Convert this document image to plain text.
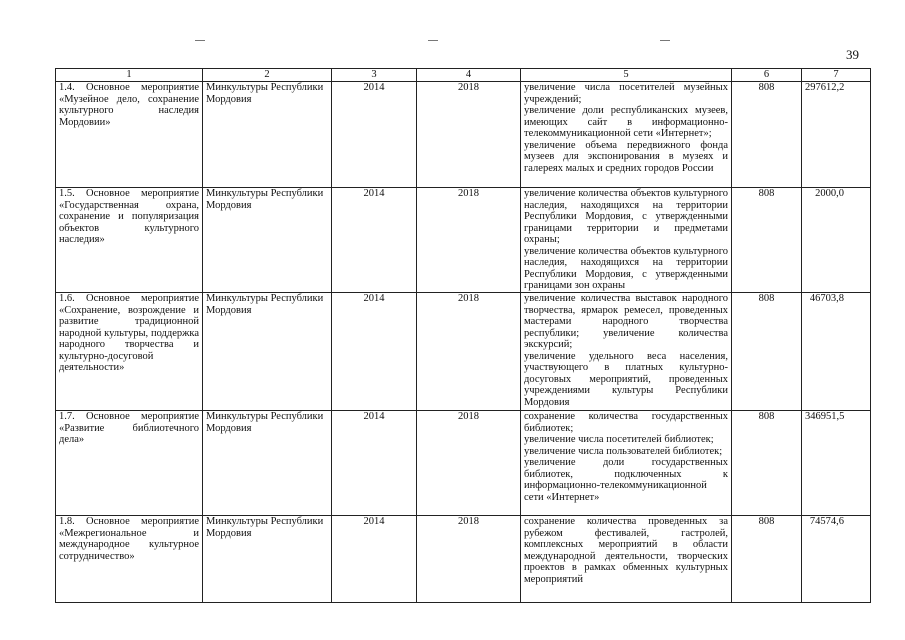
39
1	2	3	4	5	6	7
1.4. Основное мероприятие «Музейное дело, сохранение культурного наследия Мордовии»	Минкультуры Республики Мордовия	2014	2018	увеличение числа посетителей музейных учреждений;
увеличение доли республиканских музеев, имеющих сайт в информационно-телекоммуникационной сети «Интернет»;
увеличение объема передвижного фонда музеев для экспонирования в музеях и галереях малых и средних городов России	808	297612,2
1.5. Основное мероприятие «Государственная охрана, сохранение и популяризация объектов культурного наследия»	Минкультуры Республики Мордовия	2014	2018	увеличение количества объектов культурного наследия, находящихся на территории Республики Мордовия, с утвержденными границами территории и предметами охраны;
увеличение количества объектов культурного наследия, находящихся на территории Республики Мордовия, с утвержденными границами зон охраны	808	2000,0
1.6. Основное мероприятие «Сохранение, возрождение и развитие традиционной народной культуры, поддержка народного творчества и культурно-досуговой деятельности»	Минкультуры Республики Мордовия	2014	2018	увеличение количества выставок народного творчества, ярмарок ремесел, проведенных мастерами народного творчества республики; увеличение количества экскурсий;
увеличение удельного веса населения, участвующего в платных культурно-досуговых мероприятий, проведенных учреждениями культуры Республики Мордовия	808	46703,8
1.7. Основное мероприятие «Развитие библиотечного дела»	Минкультуры Республики Мордовия	2014	2018	сохранение количества государственных библиотек;
увеличение числа посетителей библиотек;
увеличение числа пользователей библиотек;
увеличение доли государственных библиотек, подключенных к информационно-телекоммуникационной сети «Интернет»	808	346951,5
1.8. Основное мероприятие «Межрегиональное и международное культурное сотрудничество»	Минкультуры Республики Мордовия	2014	2018	сохранение количества проведенных за рубежом фестивалей, гастролей, комплексных мероприятий в области международной деятельности, творческих проектов в рамках обменных культурных мероприятий	808	74574,6
